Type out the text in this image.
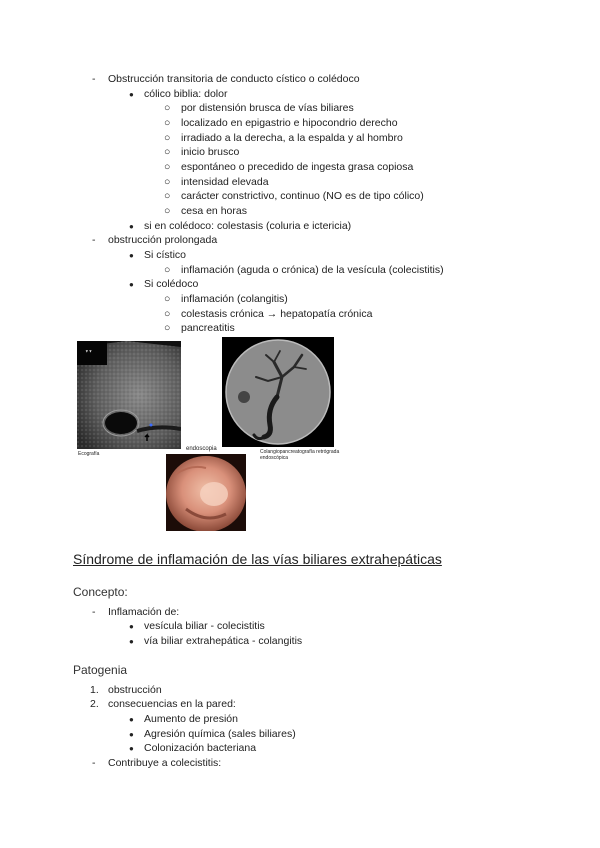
- Obstrucción transitoria de conducto cístico o colédoco
● cólico biblia: dolor
○ por distensión brusca de vías biliares
○ localizado en epigastrio e hipocondrio derecho
○ irradiado a la derecha, a la espalda y al hombro
○ inicio brusco
○ espontáneo o precedido de ingesta grasa copiosa
○ intensidad elevada
○ carácter constrictivo, continuo (NO es de tipo cólico)
○ cesa en horas
● si en colédoco: colestasis (coluria e ictericia)
- obstrucción prolongada
● Si cístico
○ inflamación (aguda o crónica) de la vesícula (colecistitis)
● Si colédoco
○ inflamación (colangitis)
○ colestasis crónica → hepatopatía crónica
○ pancreatitis
▾▾
Ecografía	Colangiopancreatografía retrógrada endoscópica
endoscopia
Síndrome de inflamación de las vías biliares extrahepáticas
Concepto:
- Inflamación de:
● vesícula biliar - colecistitis
● vía biliar extrahepática - colangitis
Patogenia
1. obstrucción
2. consecuencias en la pared:
● Aumento de presión
● Agresión química (sales biliares)
● Colonización bacteriana
- Contribuye a colecistitis:
